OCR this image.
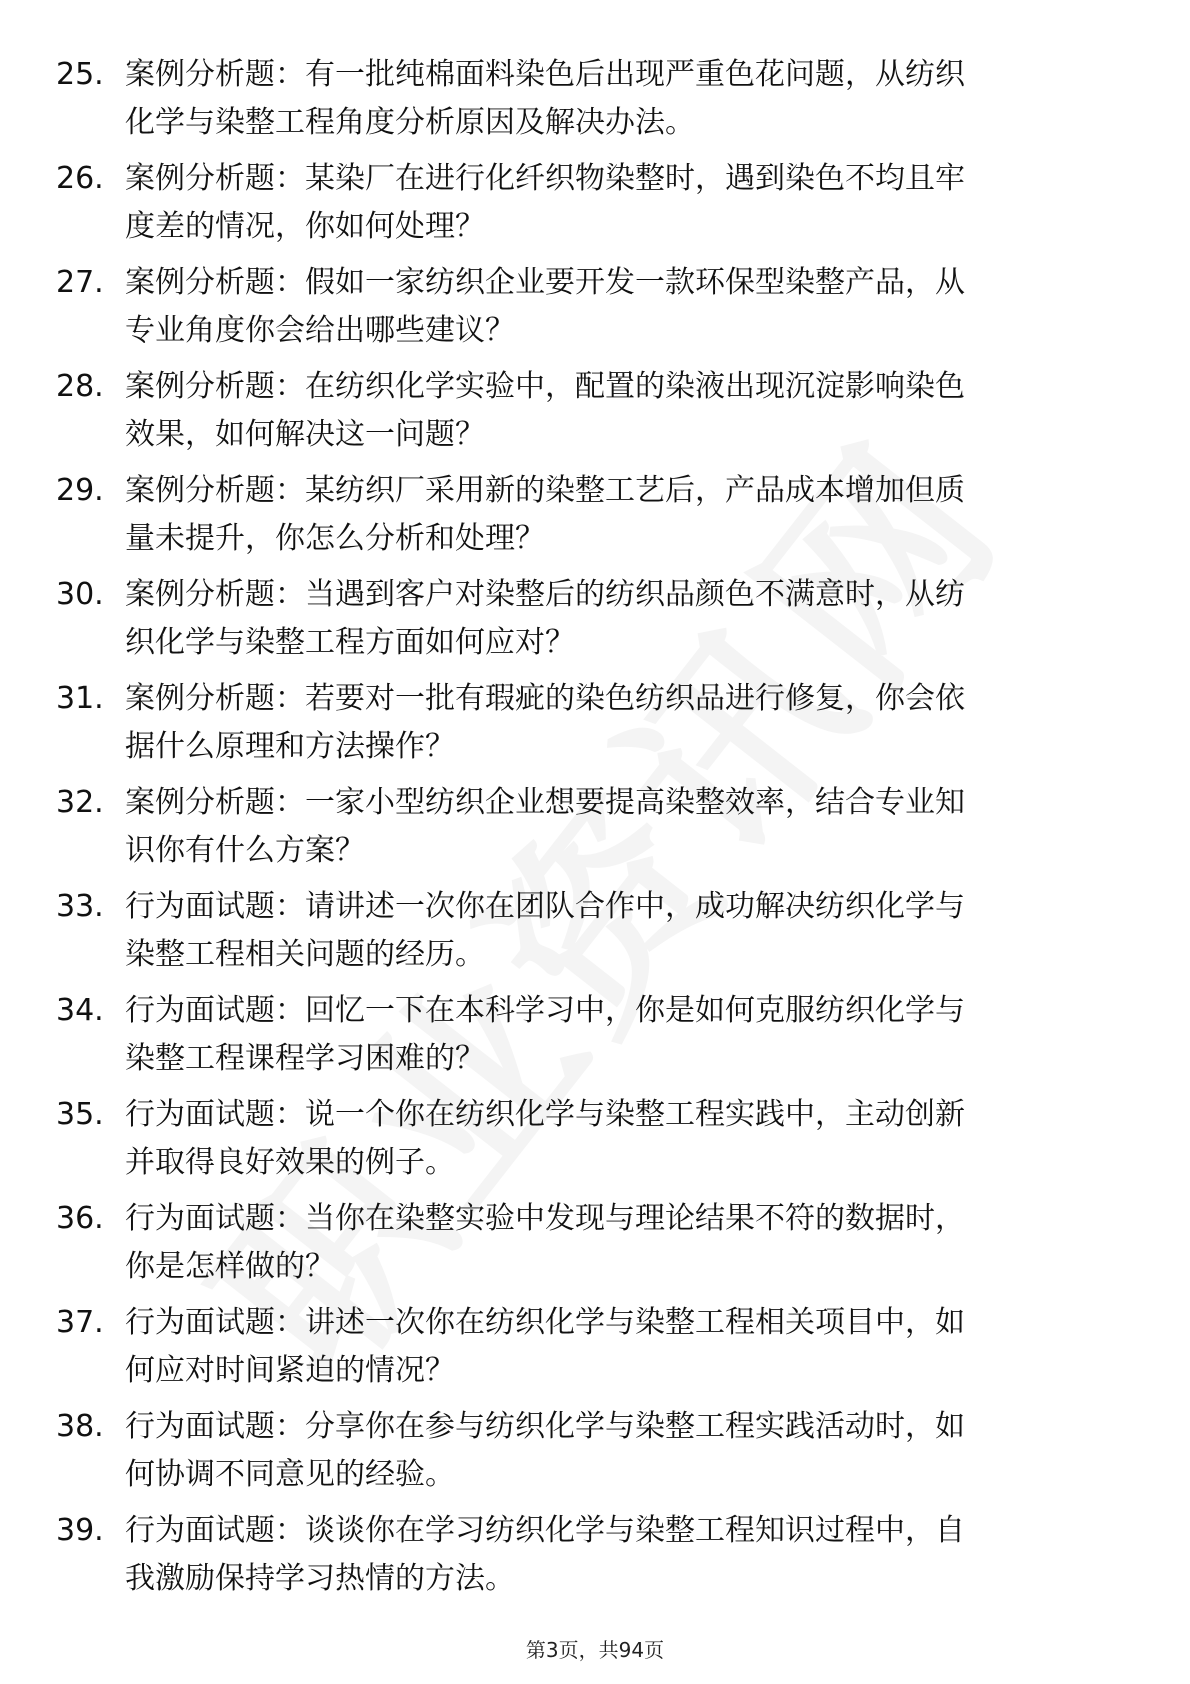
25. 案例分析题：有一批纯棉面料染色后出现严重色花问题，从纺织
化学与染整工程角度分析原因及解决办法。
26. 案例分析题：某染厂在进行化纤织物染整时，遇到染色不均且牢
度差的情况，你如何处理？
27. 案例分析题：假如一家纺织企业要开发一款环保型染整产品，从
专业角度你会给出哪些建议？
28. 案例分析题：在纺织化学实验中，配置的染液出现沉淀影响染色
效果，如何解决这一问题？
29. 案例分析题：某纺织厂采用新的染整工艺后，产品成本增加但质
量未提升，你怎么分析和处理？
30. 案例分析题：当遇到客户对染整后的纺织品颜色不满意时，从纺
织化学与染整工程方面如何应对？
31. 案例分析题：若要对一批有瑕疵的染色纺织品进行修复，你会依
据什么原理和方法操作？
32. 案例分析题：一家小型纺织企业想要提高染整效率，结合专业知
识你有什么方案？
33. 行为面试题：请讲述一次你在团队合作中，成功解决纺织化学与
染整工程相关问题的经历。
34. 行为面试题：回忆一下在本科学习中，你是如何克服纺织化学与
染整工程课程学习困难的？
35. 行为面试题：说一个你在纺织化学与染整工程实践中，主动创新
并取得良好效果的例子。
36. 行为面试题：当你在染整实验中发现与理论结果不符的数据时，
你是怎样做的？
37. 行为面试题：讲述一次你在纺织化学与染整工程相关项目中，如
何应对时间紧迫的情况？
38. 行为面试题：分享你在参与纺织化学与染整工程实践活动时，如
何协调不同意见的经验。
39. 行为面试题：谈谈你在学习纺织化学与染整工程知识过程中，自
我激励保持学习热情的方法。
第3页，共94页
